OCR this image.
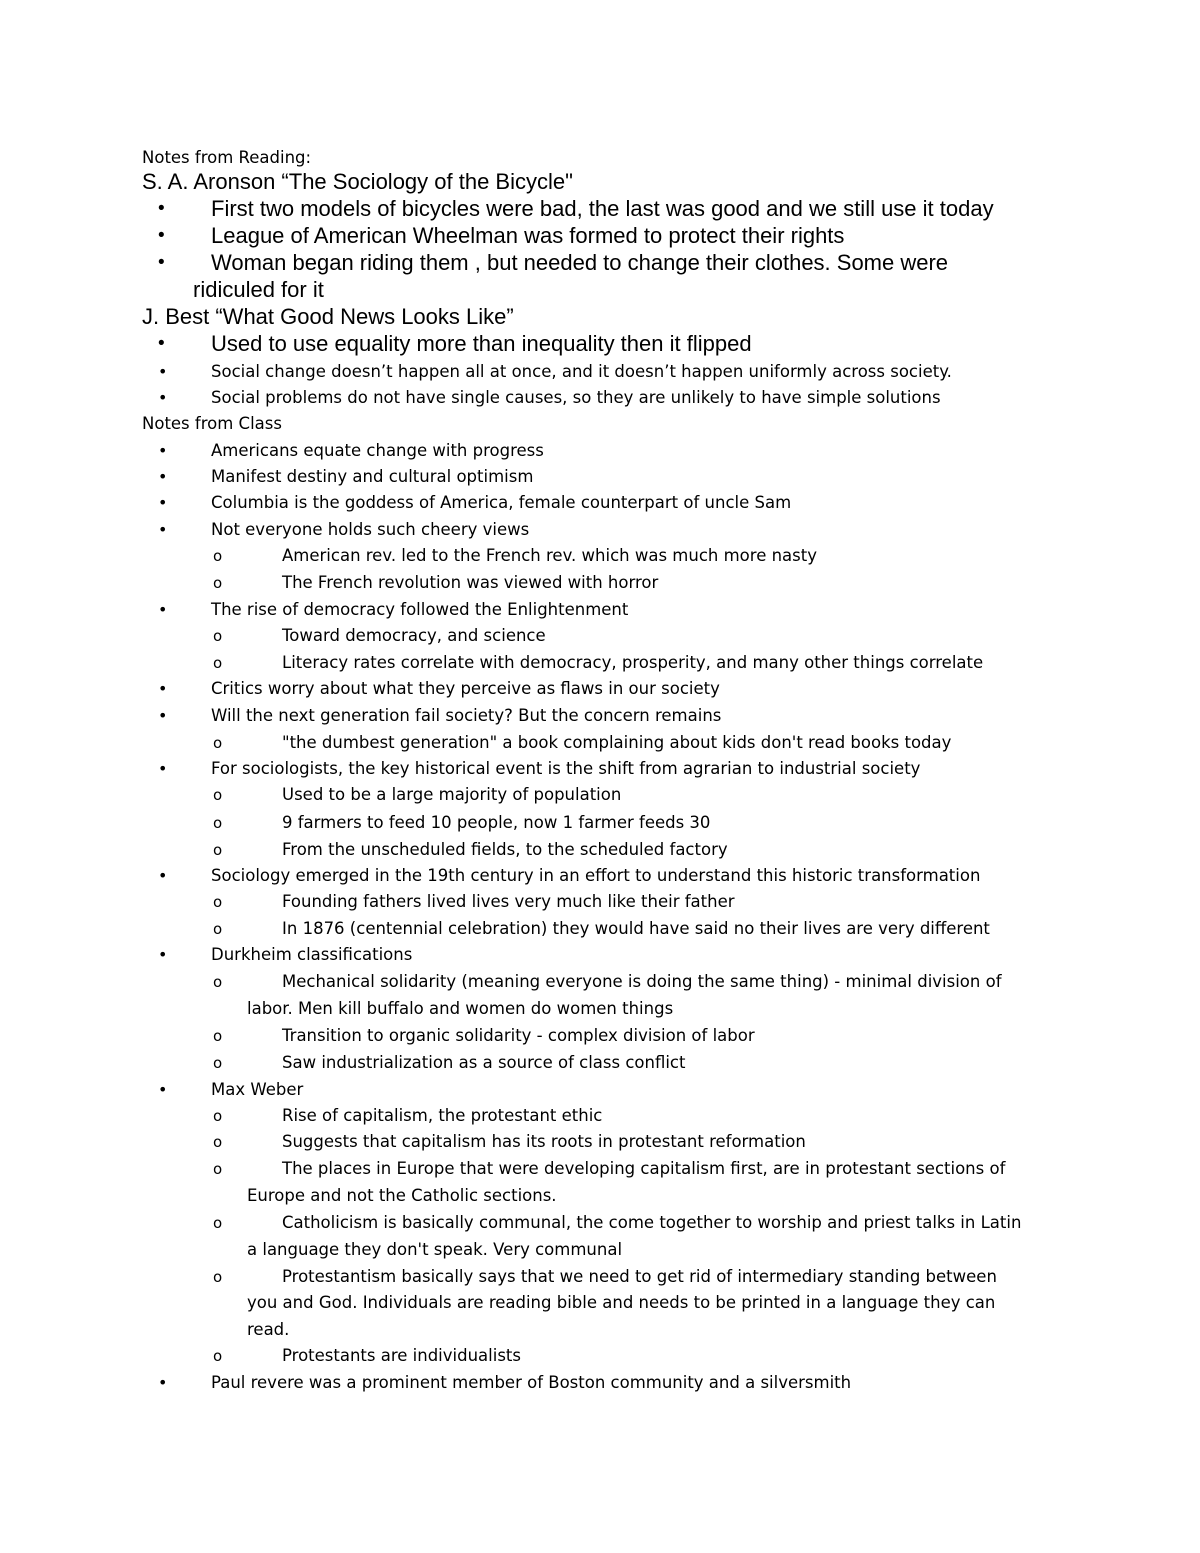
Notes from Reading:
S. A. Aronson “The Sociology of the Bicycle"
• First two models of bicycles were bad, the last was good and we still use it today
• League of American Wheelman was formed to protect their rights
• Woman began riding them , but needed to change their clothes. Some were
ridiculed for it
J. Best “What Good News Looks Like”
• Used to use equality more than inequality then it flipped
•	Social change doesn’t happen all at once, and it doesn’t happen uniformly across society.
•	Social problems do not have single causes, so they are unlikely to have simple solutions
Notes from Class
•	Americans equate change with progress
•	Manifest destiny and cultural optimism
•	Columbia is the goddess of America, female counterpart of uncle Sam
•	Not everyone holds such cheery views
o	American rev. led to the French rev. which was much more nasty
o	The French revolution was viewed with horror
•	The rise of democracy followed the Enlightenment
o	Toward democracy, and science
o	Literacy rates correlate with democracy, prosperity, and many other things correlate
•	Critics worry about what they perceive as flaws in our society
•	Will the next generation fail society? But the concern remains
o	"the dumbest generation" a book complaining about kids don't read books today
•	For sociologists, the key historical event is the shift from agrarian to industrial society
o	Used to be a large majority of population
o	9 farmers to feed 10 people, now 1 farmer feeds 30
o	From the unscheduled fields, to the scheduled factory
•	Sociology emerged in the 19th century in an effort to understand this historic transformation
o	Founding fathers lived lives very much like their father
o	In 1876 (centennial celebration) they would have said no their lives are very different
•	Durkheim classifications
o	Mechanical solidarity (meaning everyone is doing the same thing) - minimal division of
labor. Men kill buffalo and women do women things
o	Transition to organic solidarity - complex division of labor
o	Saw industrialization as a source of class conflict
•	Max Weber
o	Rise of capitalism, the protestant ethic
o	Suggests that capitalism has its roots in protestant reformation
o	The places in Europe that were developing capitalism first, are in protestant sections of
Europe and not the Catholic sections.
o	Catholicism is basically communal, the come together to worship and priest talks in Latin
a language they don't speak. Very communal
o	Protestantism basically says that we need to get rid of intermediary standing between
you and God. Individuals are reading bible and needs to be printed in a language they can
read.
o	Protestants are individualists
•	Paul revere was a prominent member of Boston community and a silversmith
